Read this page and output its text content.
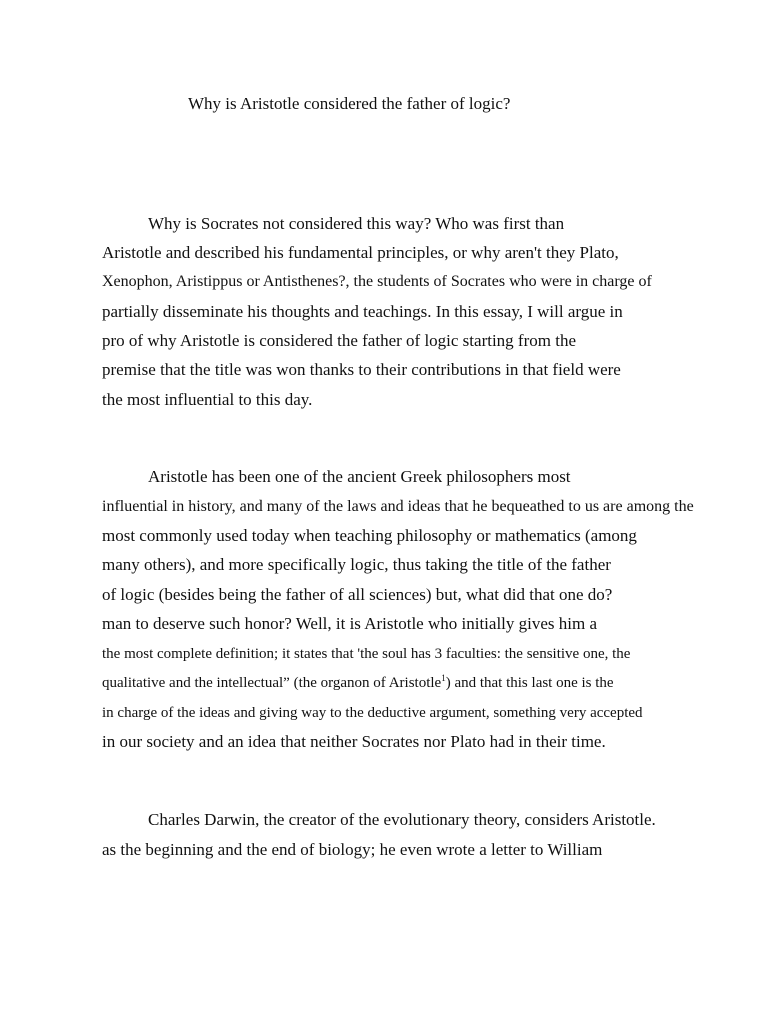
Why is Aristotle considered the father of logic?
Why is Socrates not considered this way? Who was first than
Aristotle and described his fundamental principles, or why aren't they Plato,
Xenophon, Aristippus or Antisthenes?, the students of Socrates who were in charge of
partially disseminate his thoughts and teachings. In this essay, I will argue in
pro of why Aristotle is considered the father of logic starting from the
premise that the title was won thanks to their contributions in that field were
the most influential to this day.
Aristotle has been one of the ancient Greek philosophers most
influential in history, and many of the laws and ideas that he bequeathed to us are among the
most commonly used today when teaching philosophy or mathematics (among
many others), and more specifically logic, thus taking the title of the father
of logic (besides being the father of all sciences) but, what did that one do?
man to deserve such honor? Well, it is Aristotle who initially gives him a
the most complete definition; it states that 'the soul has 3 faculties: the sensitive one, the
qualitative and the intellectual” (the organon of Aristotle$^1$) and that this last one is the
in charge of the ideas and giving way to the deductive argument, something very accepted
in our society and an idea that neither Socrates nor Plato had in their time.
Charles Darwin, the creator of the evolutionary theory, considers Aristotle.
as the beginning and the end of biology; he even wrote a letter to William
